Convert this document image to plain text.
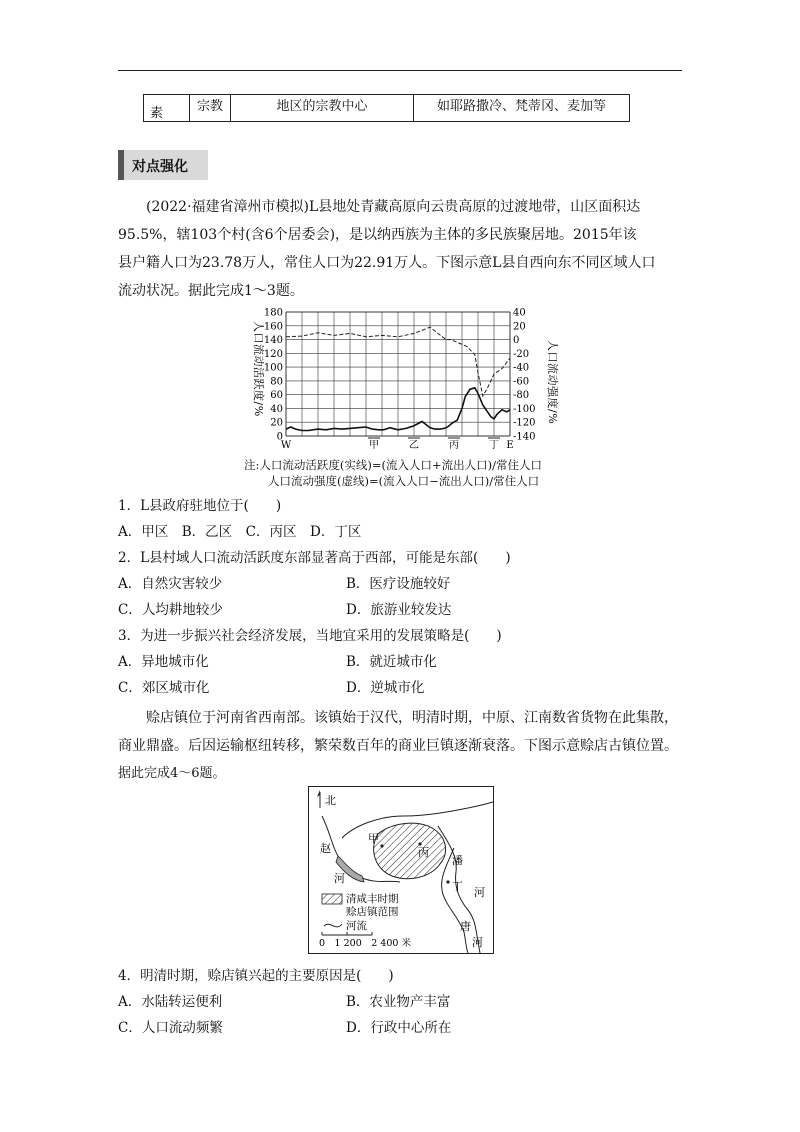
素	宗教	地区的宗教中心	如耶路撒冷、梵蒂冈、麦加等
对点强化
(2022·福建省漳州市模拟)L县地处青藏高原向云贵高原的过渡地带，山区面积达
95.5%，辖103个村(含6个居委会)，是以纳西族为主体的多民族聚居地。2015年该
县户籍人口为23.78万人，常住人口为22.91万人。下图示意L县自西向东不同区域人口
流动状况。据此完成1～3题。
180
160
140
120
100
80
60
40
20
0
40
20
0
-20
-40
-60
-80
-100
-120
-140
W	甲	乙	丙	丁 E
人口流动活跃度/%	人口流动强度/%
注:人口流动活跃度(实线)=(流入人口+流出人口)/常住人口
人口流动强度(虚线)=(流入人口−流出人口)/常住人口
1．L县政府驻地位于(　　)
A．甲区　B．乙区　C．丙区　D．丁区
2．L县村域人口流动活跃度东部显著高于西部，可能是东部(　　)
A．自然灾害较少	B．医疗设施较好
C．人均耕地较少	D．旅游业较发达
3．为进一步振兴社会经济发展，当地宜采用的发展策略是(　　)
A．异地城市化	B．就近城市化
C．郊区城市化	D．逆城市化
赊店镇位于河南省西南部。该镇始于汉代，明清时期，中原、江南数省货物在此集散，
商业鼎盛。后因运输枢纽转移，繁荣数百年的商业巨镇逐渐衰落。下图示意赊店古镇位置。
据此完成4～6题。
北
甲
丙
丁
赵
河
潘
河
唐
河
清咸丰时期
赊店镇范围
河流
0　1 200　2 400 米
4．明清时期，赊店镇兴起的主要原因是(　　)
A．水陆转运便利	B．农业物产丰富
C．人口流动频繁	D．行政中心所在
